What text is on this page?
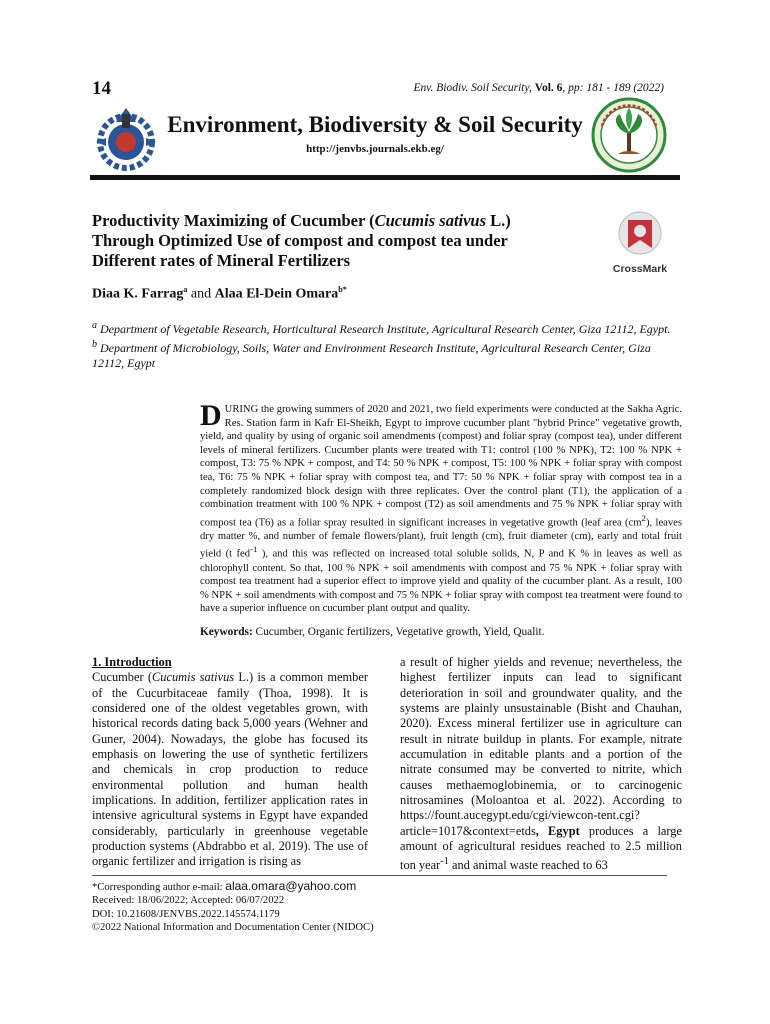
14	Env. Biodiv. Soil Security, Vol. 6, pp: 181 - 189 (2022)
Environment, Biodiversity & Soil Security
http://jenvbs.journals.ekb.eg/
Productivity Maximizing of Cucumber (Cucumis sativus L.) Through Optimized Use of compost and compost tea under Different rates of Mineral Fertilizers	CrossMark
Diaa K. Farrag$^a$ and Alaa El-Dein Omara$^{b*}$

$^a$ Department of Vegetable Research, Horticultural Research Institute, Agricultural Research Center, Giza 12112, Egypt.

$^b$ Department of Microbiology, Soils, Water and Environment Research Institute, Agricultural Research Center, Giza 12112, Egypt

DURING the growing summers of 2020 and 2021, two field experiments were conducted at the Sakha Agric. Res. Station farm in Kafr El-Sheikh, Egypt to improve cucumber plant "hybrid Prince" vegetative growth, yield, and quality by using of organic soil amendments (compost) and foliar spray (compost tea), under different levels of mineral fertilizers. Cucumber plants were treated with T1: control (100 % NPK), T2: 100 % NPK + compost, T3: 75 % NPK + compost, and T4: 50 % NPK + compost, T5: 100 % NPK + foliar spray with compost tea, T6: 75 % NPK + foliar spray with compost tea, and T7: 50 % NPK + foliar spray with compost tea in a completely randomized block design with three replicates. Over the control plant (T1), the application of a combination treatment with 100 % NPK + compost (T2) as soil amendments and 75 % NPK + foliar spray with compost tea (T6) as a foliar spray resulted in significant increases in vegetative growth (leaf area $(cm^2)$, leaves dry matter %, and number of female flowers/plant), fruit length (cm), fruit diameter (cm), early and total fruit yield (t fed$^{-1}$ ), and this was reflected on increased total soluble solids, N, P and K % in leaves as well as chlorophyll content. So that, 100 % NPK + soil amendments with compost and 75 % NPK + foliar spray with compost tea treatment had a superior effect to improve yield and quality of the cucumber plant. As a result, 100 % NPK + soil amendments with compost and 75 % NPK + foliar spray with compost tea treatment were found to have a superior influence on cucumber plant output and quality.
Keywords: Cucumber, Organic fertilizers, Vegetative growth, Yield, Qualit.
1. Introduction

Cucumber (Cucumis sativus L.) is a common member of the Cucurbitaceae family (Thoa, 1998). It is considered one of the oldest vegetables grown, with historical records dating back 5,000 years (Wehner and Guner, 2004). Nowadays, the globe has focused its emphasis on lowering the use of synthetic fertilizers and chemicals in crop production to reduce environmental pollution and human health implications. In addition, fertilizer application rates in intensive agricultural systems in Egypt have expanded considerably, particularly in greenhouse vegetable production systems (Abdrabbo et al. 2019). The use of organic fertilizer and irrigation is rising as

a result of higher yields and revenue; nevertheless, the highest fertilizer inputs can lead to significant deterioration in soil and groundwater quality, and the systems are plainly unsustainable (Bisht and Chauhan, 2020). Excess mineral fertilizer use in agriculture can result in nitrate buildup in plants. For example, nitrate accumulation in editable plants and a portion of the nitrate consumed may be converted to nitrite, which causes methaemoglobinemia, or to carcinogenic nitrosamines (Moloantoa et al. 2022). According to https://fount.aucegypt.edu/cgi/viewcon-tent.cgi?article=1017&context=etds, Egypt produces a large amount of agricultural residues reached to 2.5 million ton year$^{-1}$ and animal waste reached to 63

*Corresponding author e-mail: alaa.omara@yahoo.com
Received: 18/06/2022; Accepted: 06/07/2022
DOI: 10.21608/JENVBS.2022.145574.1179
©2022 National Information and Documentation Center (NIDOC)
